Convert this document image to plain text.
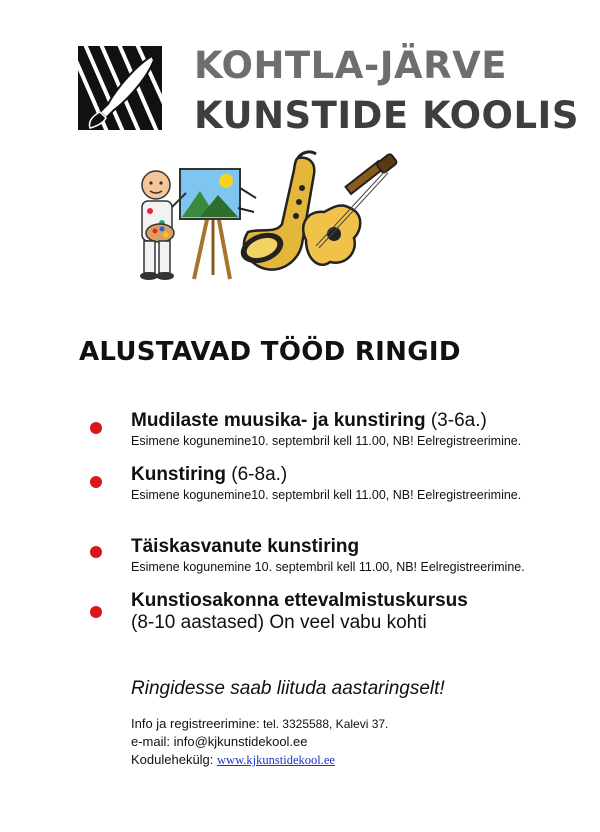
KOHTLA-JÄRVE
KUNSTIDE KOOLIS
ALUSTAVAD TÖÖD RINGID
Mudilaste muusika- ja kunstiring (3-6a.)
Esimene kogunemine10. septembril kell 11.00, NB! Eelregistreerimine.
Kunstiring (6-8a.)
Esimene kogunemine10. septembril kell 11.00, NB! Eelregistreerimine.
Täiskasvanute kunstiring
Esimene kogunemine 10. septembril kell 11.00, NB! Eelregistreerimine.
Kunstiosakonna ettevalmistuskursus
(8-10 aastased) On veel vabu kohti
Ringidesse saab liituda aastaringselt!
Info ja registreerimine: tel. 3325588, Kalevi 37.
e-mail: info@kjkunstidekool.ee
Kodulehekülg: www.kjkunstidekool.ee
